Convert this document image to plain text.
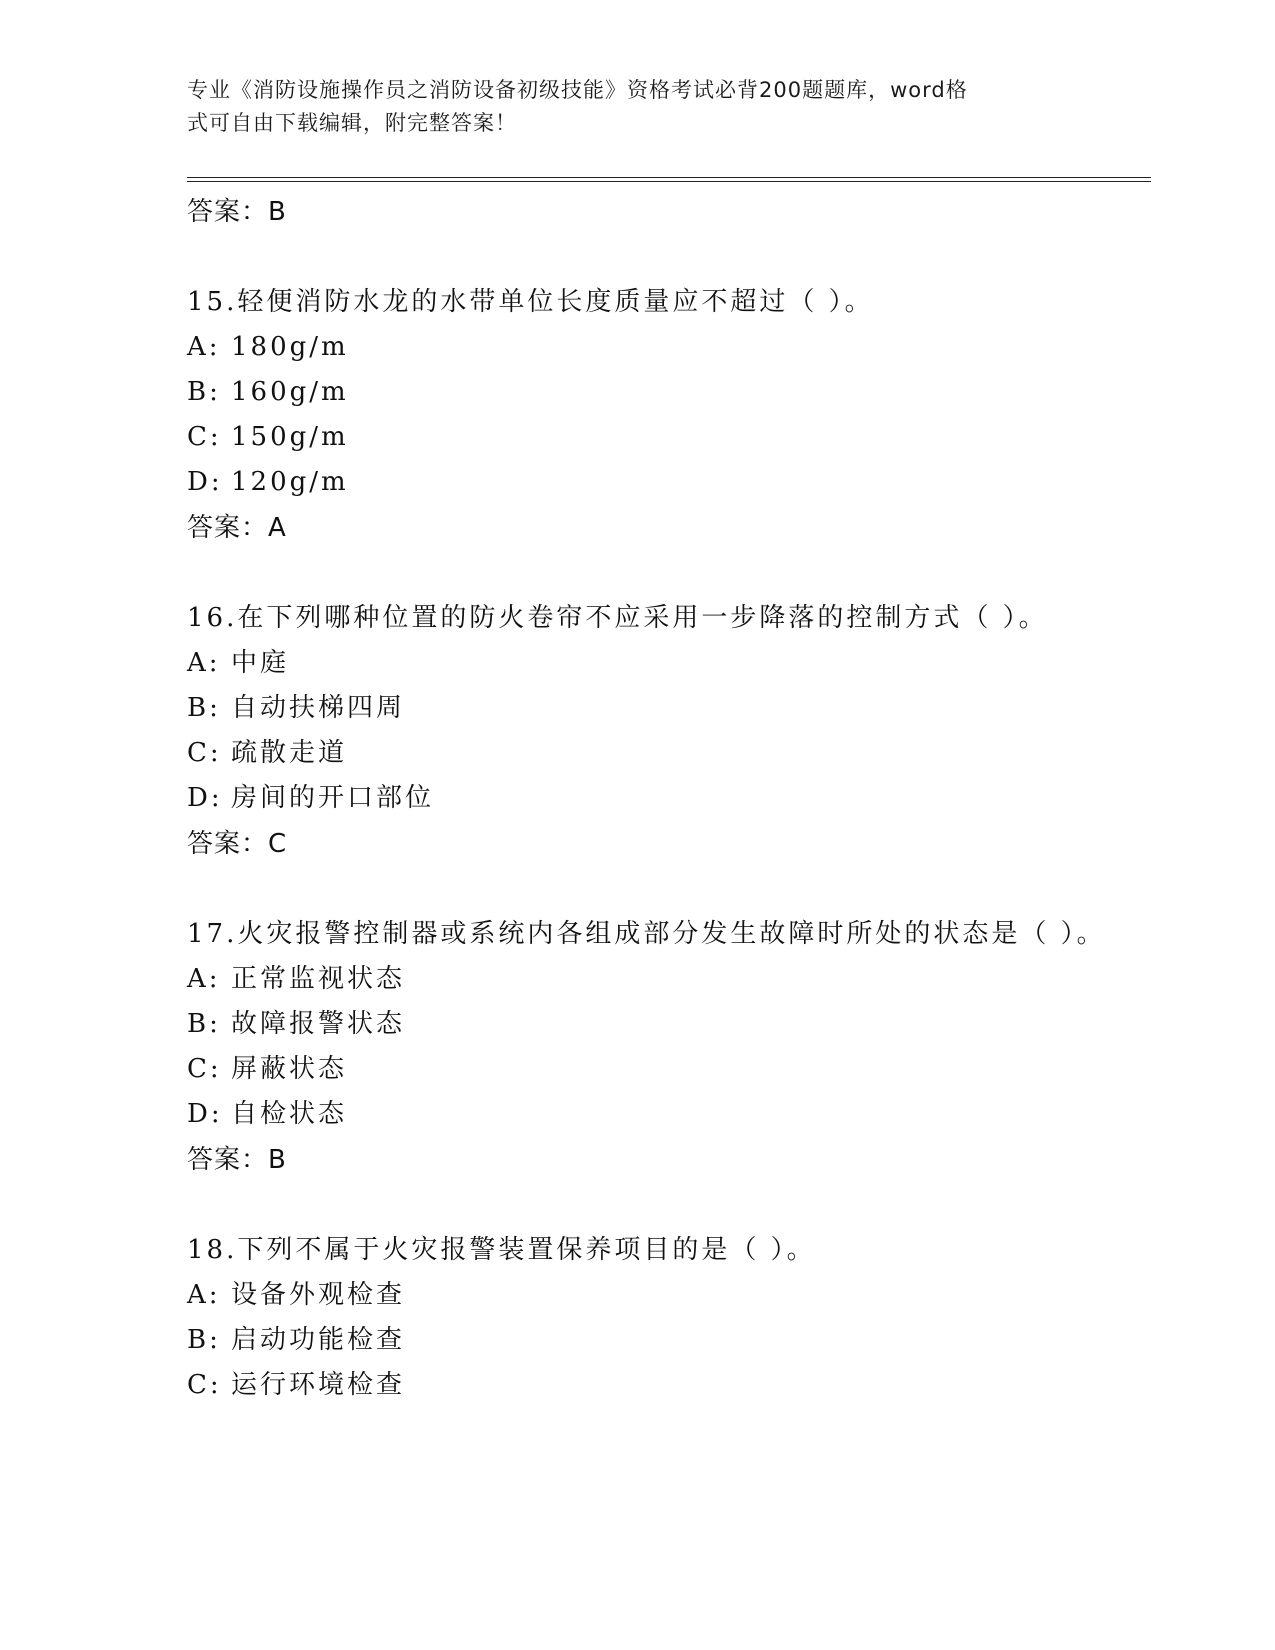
专业《消防设施操作员之消防设备初级技能》资格考试必背200题题库，word格
式可自由下载编辑，附完整答案！
答案：B
15.轻便消防水龙的水带单位长度质量应不超过（ ）。
A: 180g/m
B: 160g/m
C: 150g/m
D: 120g/m
答案：A
16.在下列哪种位置的防火卷帘不应采用一步降落的控制方式（ ）。
A: 中庭
B: 自动扶梯四周
C: 疏散走道
D: 房间的开口部位
答案：C
17.火灾报警控制器或系统内各组成部分发生故障时所处的状态是（ ）。
A: 正常监视状态
B: 故障报警状态
C: 屏蔽状态
D: 自检状态
答案：B
18.下列不属于火灾报警装置保养项目的是（ ）。
A: 设备外观检查
B: 启动功能检查
C: 运行环境检查
